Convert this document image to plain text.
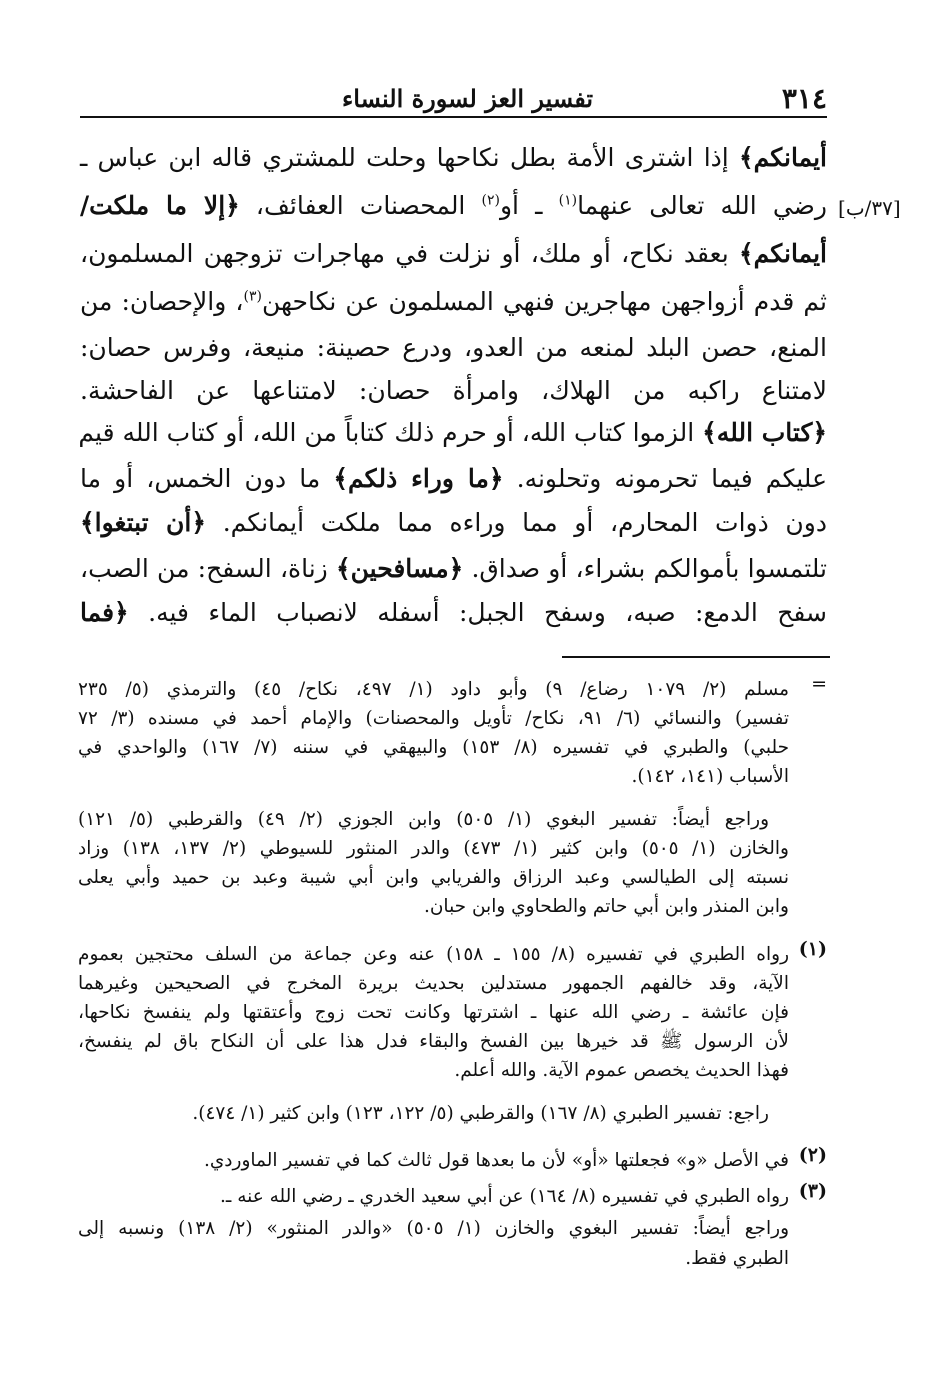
٣١٤
تفسير العز لسورة النساء
[٣٧/ب]
أيمانكم﴾ إذا اشترى الأمة بطل نكاحها وحلت للمشتري قاله ابن عباس ـ
رضي الله تعالى عنهما$^{(١)}$ ـ أو$^{(٢)}$ المحصنات العفائف، ﴿إلا ما ملكت/
أيمانكم﴾ بعقد نكاح، أو ملك، أو نزلت في مهاجرات تزوجهن المسلمون،
ثم قدم أزواجهن مهاجرين فنهي المسلمون عن نكاحهن$^{(٣)}$، والإحصان: من
المنع، حصن البلد لمنعه من العدو، ودرع حصينة: منيعة، وفرس حصان:
لامتناع راكبه من الهلاك، وامرأة حصان: لامتناعها عن الفاحشة.
﴿كتاب الله﴾ الزموا كتاب الله، أو حرم ذلك كتاباً من الله، أو كتاب الله قيم
عليكم فيما تحرمونه وتحلونه. ﴿ما وراء ذلكم﴾ ما دون الخمس، أو ما
دون ذوات المحارم، أو مما وراءه مما ملكت أيمانكم. ﴿أن تبتغوا﴾
تلتمسوا بأموالكم بشراء، أو صداق. ﴿مسافحين﴾ زناة، السفح: من الصب،
سفح الدمع: صبه، وسفح الجبل: أسفله لانصباب الماء فيه. ﴿فما
=
مسلم (٢/ ١٠٧٩ رضاع/ ٩) وأبو داود (١/ ٤٩٧، نكاح/ ٤٥) والترمذي (٥/ ٢٣٥
تفسير) والنسائي (٦/ ٩١، نكاح/ تأويل والمحصنات) والإمام أحمد في مسنده (٣/ ٧٢
حلبي) والطبري في تفسيره (٨/ ١٥٣) والبيهقي في سننه (٧/ ١٦٧) والواحدي في
الأسباب (١٤١، ١٤٢).
وراجع أيضاً: تفسير البغوي (١/ ٥٠٥) وابن الجوزي (٢/ ٤٩) والقرطبي (٥/ ١٢١)
والخازن (١/ ٥٠٥) وابن كثير (١/ ٤٧٣) والدر المنثور للسيوطي (٢/ ١٣٧، ١٣٨) وزاد
نسبته إلى الطيالسي وعبد الرزاق والفريابي وابن أبي شيبة وعبد بن حميد وأبي يعلى
وابن المنذر وابن أبي حاتم والطحاوي وابن حبان.
(١)
رواه الطبري في تفسيره (٨/ ١٥٥ ـ ١٥٨) عنه وعن جماعة من السلف محتجين بعموم
الآية، وقد خالفهم الجمهور مستدلين بحديث بريرة المخرج في الصحيحين وغيرهما
فإن عائشة ـ رضي الله عنها ـ اشترتها وكانت تحت زوج وأعتقتها ولم ينفسخ نكاحها،
لأن الرسول ﷺ قد خيرها بين الفسخ والبقاء فدل هذا على أن النكاح باق لم ينفسخ،
فهذا الحديث يخصص عموم الآية. والله أعلم.
راجع: تفسير الطبري (٨/ ١٦٧) والقرطبي (٥/ ١٢٢، ١٢٣) وابن كثير (١/ ٤٧٤).
(٢)
في الأصل «و» فجعلتها «أو» لأن ما بعدها قول ثالث كما في تفسير الماوردي.
(٣)
رواه الطبري في تفسيره (٨/ ١٦٤) عن أبي سعيد الخدري ـ رضي الله عنه ـ.
وراجع أيضاً: تفسير البغوي والخازن (١/ ٥٠٥) «والدر المنثور» (٢/ ١٣٨) ونسبه إلى
الطبري فقط.
